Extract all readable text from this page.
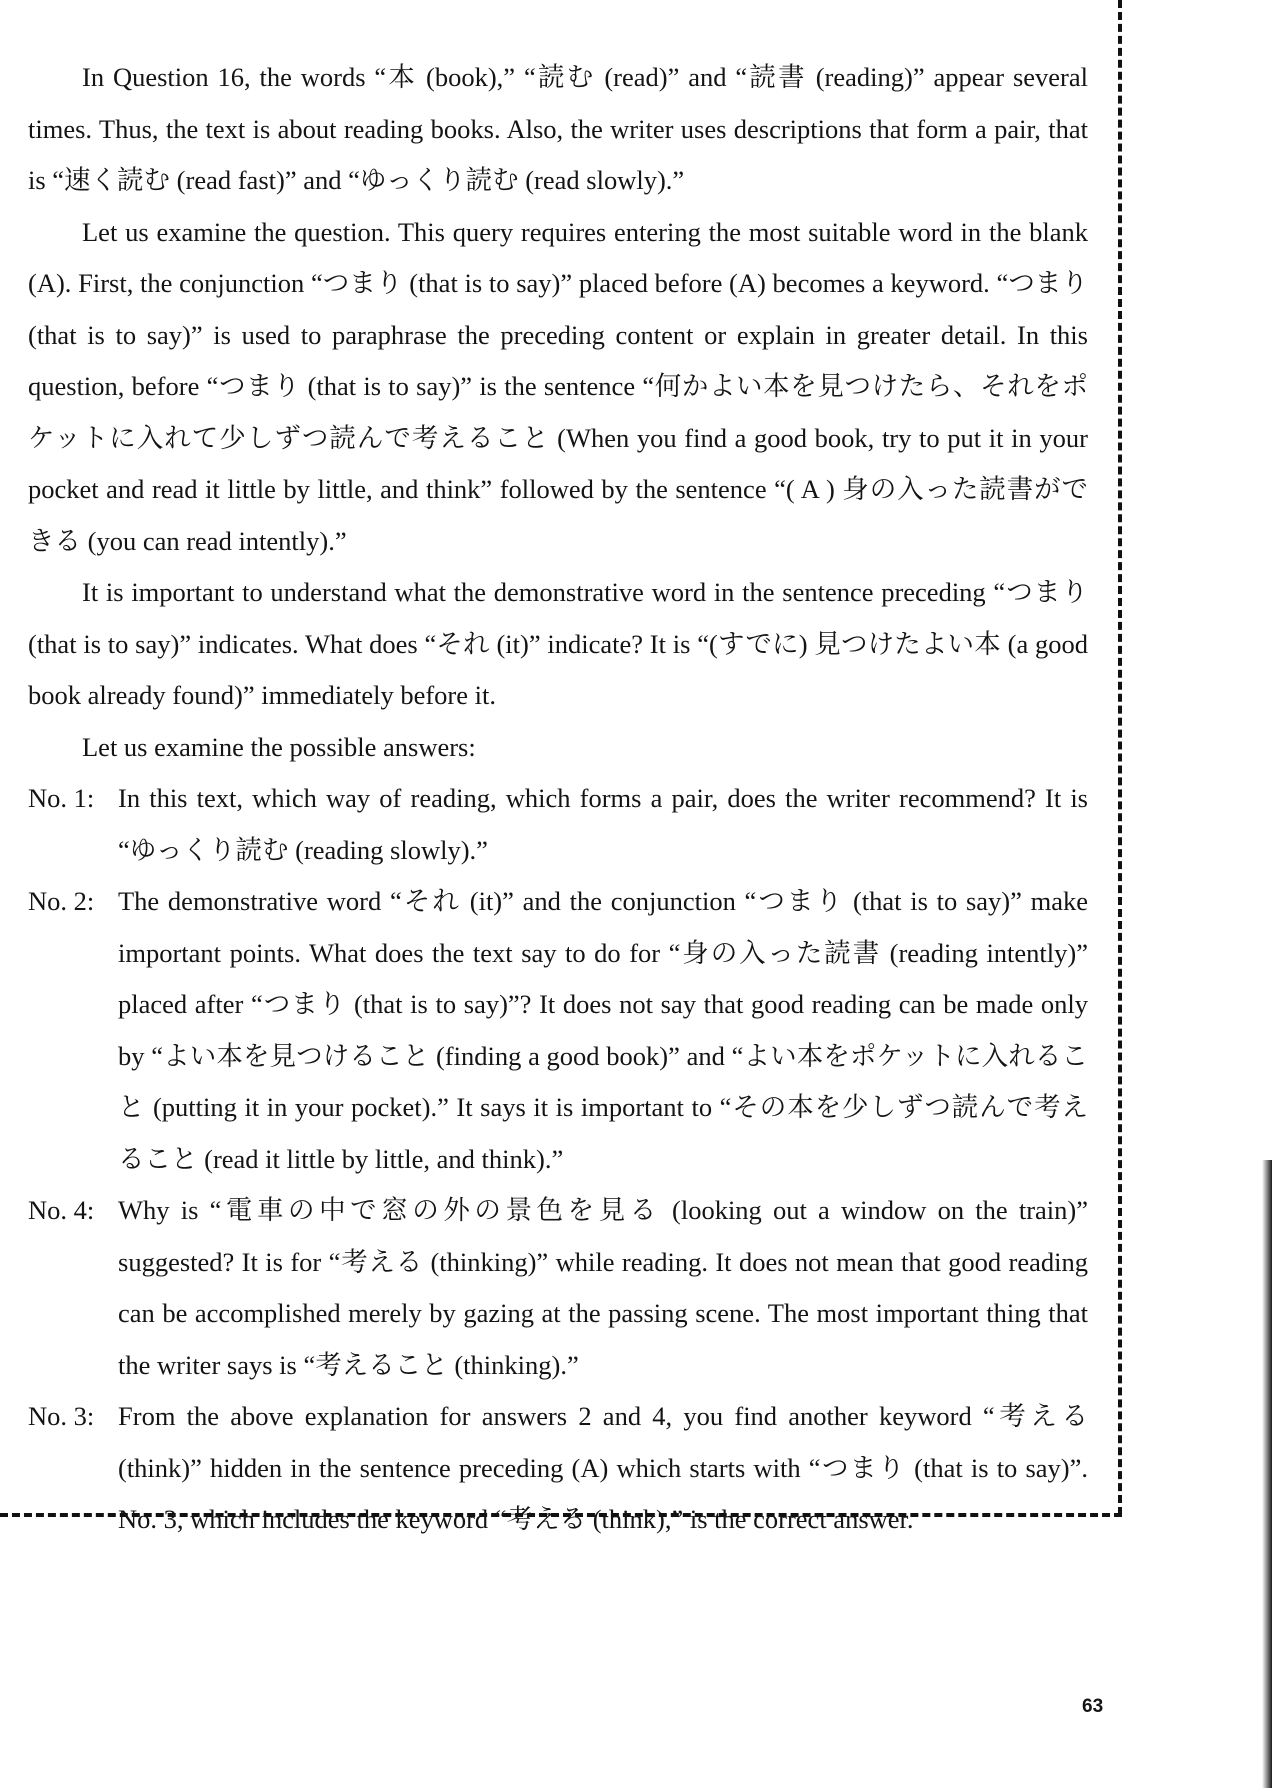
In Question 16, the words “本 (book),” “読む (read)” and “読書 (reading)” appear several times. Thus, the text is about reading books. Also, the writer uses descriptions that form a pair, that is “速く読む (read fast)” and “ゆっくり読む (read slowly).”

Let us examine the question. This query requires entering the most suitable word in the blank (A). First, the conjunction “つまり (that is to say)” placed before (A) becomes a keyword. “つまり (that is to say)” is used to paraphrase the preceding content or explain in greater detail. In this question, before “つまり (that is to say)” is the sentence “何かよい本を見つけたら、それをポケットに入れて少しずつ読んで考えること (When you find a good book, try to put it in your pocket and read it little by little, and think” followed by the sentence “( A ) 身の入った読書ができる (you can read intently).”

It is important to understand what the demonstrative word in the sentence preceding “つまり (that is to say)” indicates. What does “それ (it)” indicate? It is “(すでに) 見つけたよい本 (a good book already found)” immediately before it.

Let us examine the possible answers:

No. 1: In this text, which way of reading, which forms a pair, does the writer recommend? It is “ゆっくり読む (reading slowly).”
No. 2: The demonstrative word “それ (it)” and the conjunction “つまり (that is to say)” make important points. What does the text say to do for “身の入った読書 (reading intently)” placed after “つまり (that is to say)”? It does not say that good reading can be made only by “よい本を見つけること (finding a good book)” and “よい本をポケットに入れること (putting it in your pocket).” It says it is important to “その本を少しずつ読んで考えること (read it little by little, and think).”
No. 4: Why is “電車の中で窓の外の景色を見る (looking out a window on the train)” suggested? It is for “考える (thinking)” while reading. It does not mean that good reading can be accomplished merely by gazing at the passing scene. The most important thing that the writer says is “考えること (thinking).”
No. 3: From the above explanation for answers 2 and 4, you find another keyword “考える (think)” hidden in the sentence preceding (A) which starts with “つまり (that is to say)”. No. 3, which includes the keyword “考える (think),” is the correct answer.
63
